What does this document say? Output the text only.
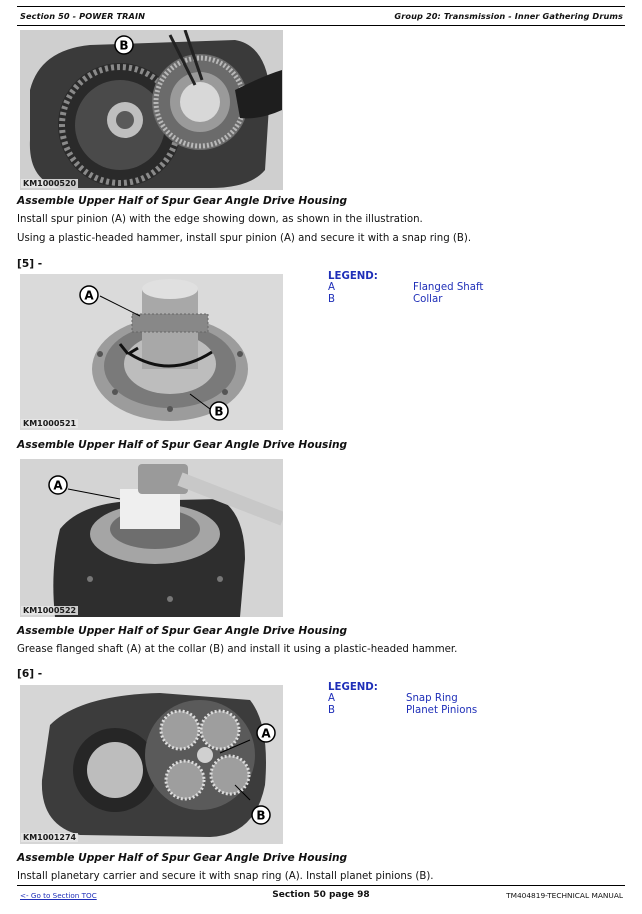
Section 50 - POWER TRAIN	Group 20: Transmission - Inner Gathering Drums
B
KM1000520
Assemble Upper Half of Spur Gear Angle Drive Housing
Install spur pinion (A) with the edge showing down, as shown in the illustration.
Using a plastic-headed hammer, install spur pinion (A) and secure it with a snap ring (B).
[5] -
A
B
KM1000521
LEGEND:
A	Flanged Shaft
B	Collar
Assemble Upper Half of Spur Gear Angle Drive Housing
A
KM1000522
Assemble Upper Half of Spur Gear Angle Drive Housing
Grease flanged shaft (A) at the collar (B) and install it using a plastic-headed hammer.
[6] -
A
B
KM1001274
LEGEND:
A	Snap Ring
B	Planet Pinions
Assemble Upper Half of Spur Gear Angle Drive Housing
Install planetary carrier and secure it with snap ring (A). Install planet pinions (B).
Section 50 page 98
<- Go to Section TOC	TM404819-TECHNICAL MANUAL
